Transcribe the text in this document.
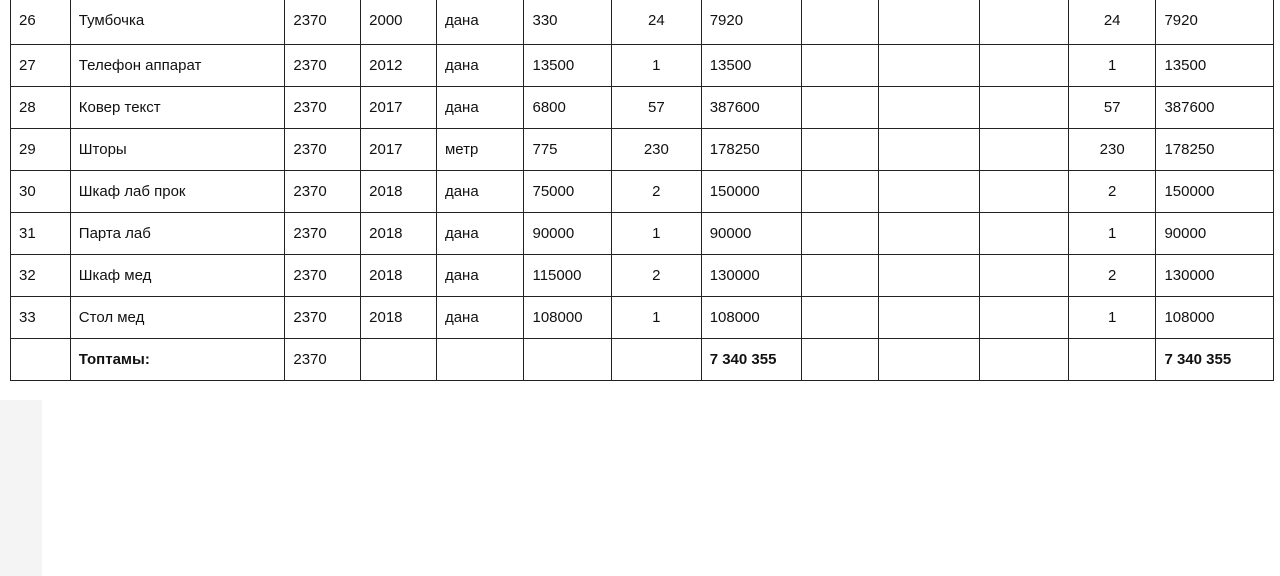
26	Тумбочка	2370	2000	дана	330	24	7920				24	7920

27	Телефон аппарат	2370	2012	дана	13500	1	13500				1	13500

28	Ковер текст	2370	2017	дана	6800	57	387600				57	387600

29	Шторы	2370	2017	метр	775	230	178250				230	178250

30	Шкаф лаб прок	2370	2018	дана	75000	2	150000				2	150000

31	Парта лаб	2370	2018	дана	90000	1	90000				1	90000

32	Шкаф мед	2370	2018	дана	115000	2	130000				2	130000

33	Стол мед	2370	2018	дана	108000	1	108000				1	108000

	Топтамы:	2370					7 340 355					7 340 355
